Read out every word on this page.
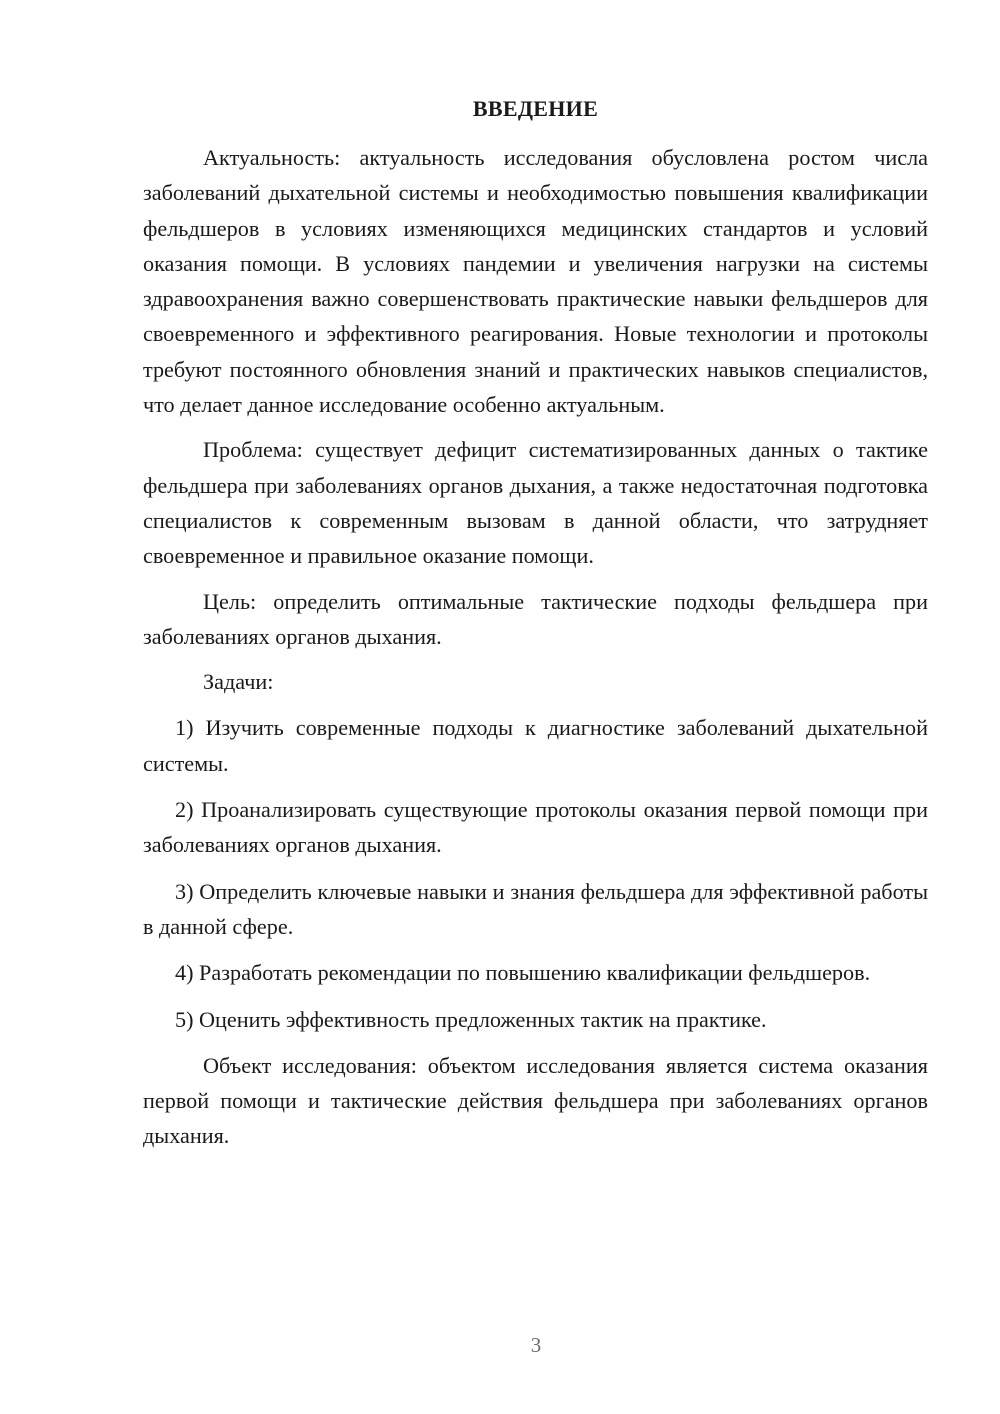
ВВЕДЕНИЕ

Актуальность: актуальность исследования обусловлена ростом числа заболеваний дыхательной системы и необходимостью повышения квалификации фельдшеров в условиях изменяющихся медицинских стандартов и условий оказания помощи. В условиях пандемии и увеличения нагрузки на системы здравоохранения важно совершенствовать практические навыки фельдшеров для своевременного и эффективного реагирования. Новые технологии и протоколы требуют постоянного обновления знаний и практических навыков специалистов, что делает данное исследование особенно актуальным.

Проблема: существует дефицит систематизированных данных о тактике фельдшера при заболеваниях органов дыхания, а также недостаточная подготовка специалистов к современным вызовам в данной области, что затрудняет своевременное и правильное оказание помощи.

Цель: определить оптимальные тактические подходы фельдшера при заболеваниях органов дыхания.

Задачи:

1) Изучить современные подходы к диагностике заболеваний дыхательной системы.

2) Проанализировать существующие протоколы оказания первой помощи при заболеваниях органов дыхания.

3) Определить ключевые навыки и знания фельдшера для эффективной работы в данной сфере.

4) Разработать рекомендации по повышению квалификации фельдшеров.

5) Оценить эффективность предложенных тактик на практике.

Объект исследования: объектом исследования является система оказания первой помощи и тактические действия фельдшера при заболеваниях органов дыхания.

3
